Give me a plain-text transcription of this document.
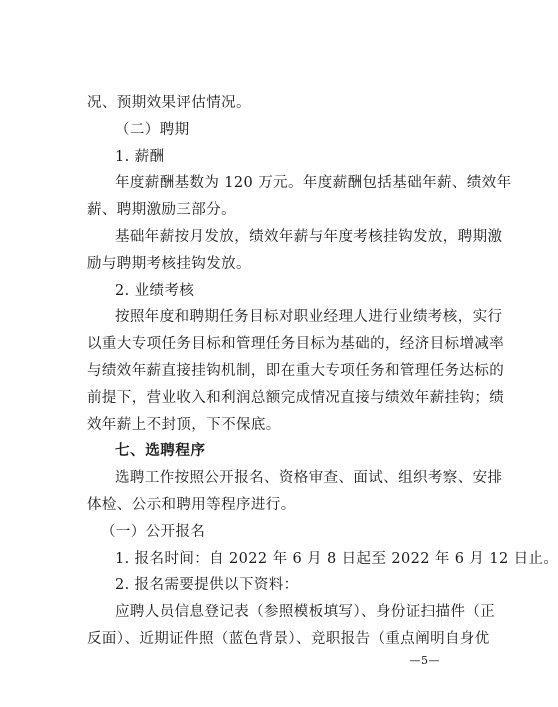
况、预期效果评估情况。
（二）聘期
1. 薪酬
年度薪酬基数为 120 万元。年度薪酬包括基础年薪、绩效年
薪、聘期激励三部分。
基础年薪按月发放，绩效年薪与年度考核挂钩发放，聘期激
励与聘期考核挂钩发放。
2. 业绩考核
按照年度和聘期任务目标对职业经理人进行业绩考核，实行
以重大专项任务目标和管理任务目标为基础的，经济目标增减率
与绩效年薪直接挂钩机制，即在重大专项任务和管理任务达标的
前提下，营业收入和利润总额完成情况直接与绩效年薪挂钩；绩
效年薪上不封顶，下不保底。
七、选聘程序
选聘工作按照公开报名、资格审查、面试、组织考察、安排
体检、公示和聘用等程序进行。
（一）公开报名
1. 报名时间：自 2022 年 6 月 8 日起至 2022 年 6 月 12 日止。
2. 报名需要提供以下资料：
应聘人员信息登记表（参照模板填写）、身份证扫描件（正
反面）、近期证件照（蓝色背景）、竞职报告（重点阐明自身优
—5—
